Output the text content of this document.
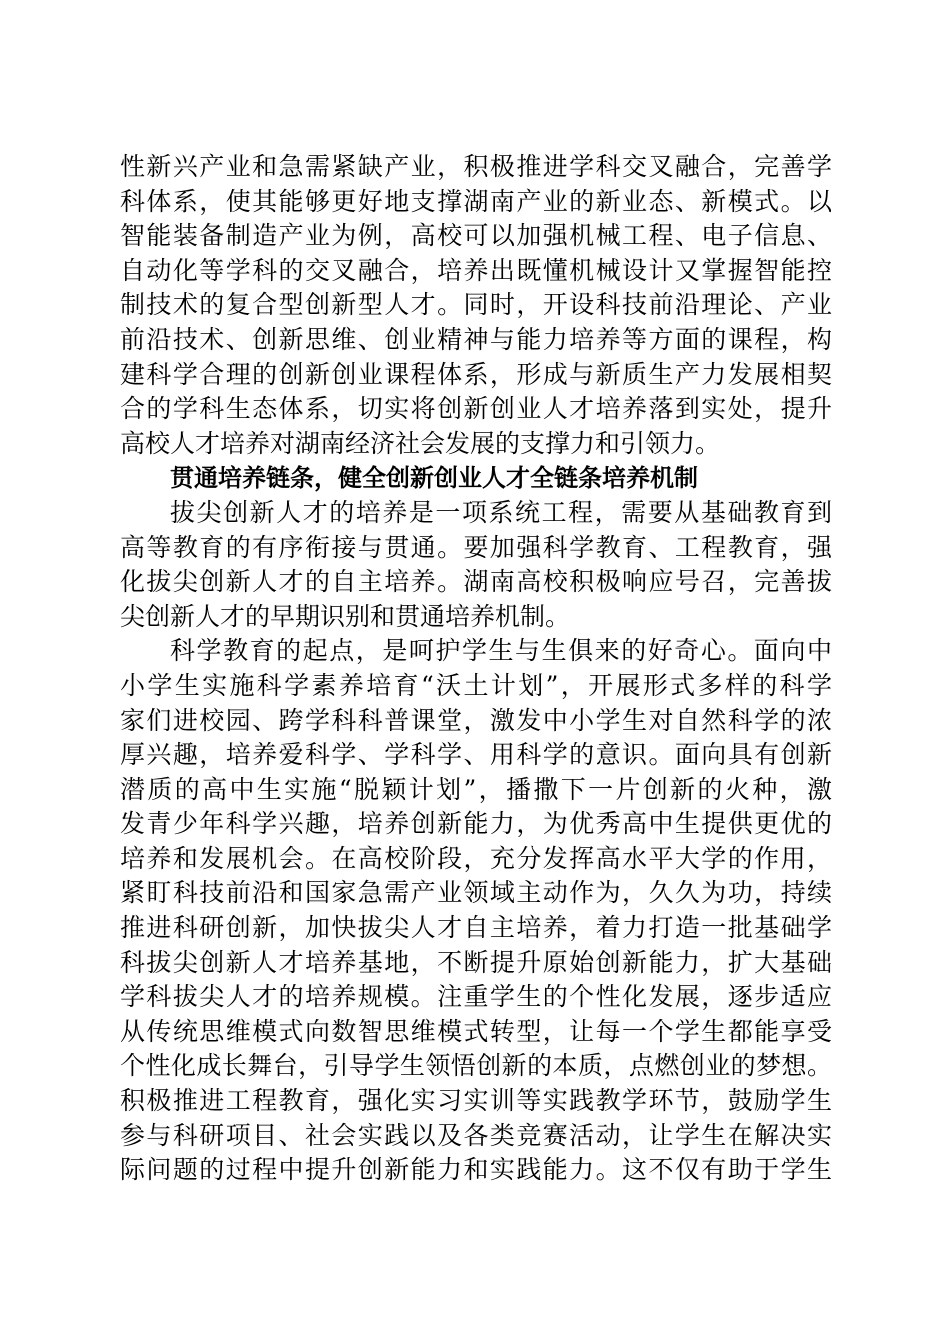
性新兴产业和急需紧缺产业，积极推进学科交叉融合，完善学
科体系，使其能够更好地支撑湖南产业的新业态、新模式。以
智能装备制造产业为例，高校可以加强机械工程、电子信息、
自动化等学科的交叉融合，培养出既懂机械设计又掌握智能控
制技术的复合型创新型人才。同时，开设科技前沿理论、产业
前沿技术、创新思维、创业精神与能力培养等方面的课程，构
建科学合理的创新创业课程体系，形成与新质生产力发展相契
合的学科生态体系，切实将创新创业人才培养落到实处，提升
高校人才培养对湖南经济社会发展的支撑力和引领力。
贯通培养链条，健全创新创业人才全链条培养机制
拔尖创新人才的培养是一项系统工程，需要从基础教育到
高等教育的有序衔接与贯通。要加强科学教育、工程教育，强
化拔尖创新人才的自主培养。湖南高校积极响应号召，完善拔
尖创新人才的早期识别和贯通培养机制。
科学教育的起点，是呵护学生与生俱来的好奇心。面向中
小学生实施科学素养培育“沃土计划”，开展形式多样的科学
家们进校园、跨学科科普课堂，激发中小学生对自然科学的浓
厚兴趣，培养爱科学、学科学、用科学的意识。面向具有创新
潜质的高中生实施“脱颖计划”，播撒下一片创新的火种，激
发青少年科学兴趣，培养创新能力，为优秀高中生提供更优的
培养和发展机会。在高校阶段，充分发挥高水平大学的作用，
紧盯科技前沿和国家急需产业领域主动作为，久久为功，持续
推进科研创新，加快拔尖人才自主培养，着力打造一批基础学
科拔尖创新人才培养基地，不断提升原始创新能力，扩大基础
学科拔尖人才的培养规模。注重学生的个性化发展，逐步适应
从传统思维模式向数智思维模式转型，让每一个学生都能享受
个性化成长舞台，引导学生领悟创新的本质，点燃创业的梦想。
积极推进工程教育，强化实习实训等实践教学环节，鼓励学生
参与科研项目、社会实践以及各类竞赛活动，让学生在解决实
际问题的过程中提升创新能力和实践能力。这不仅有助于学生
